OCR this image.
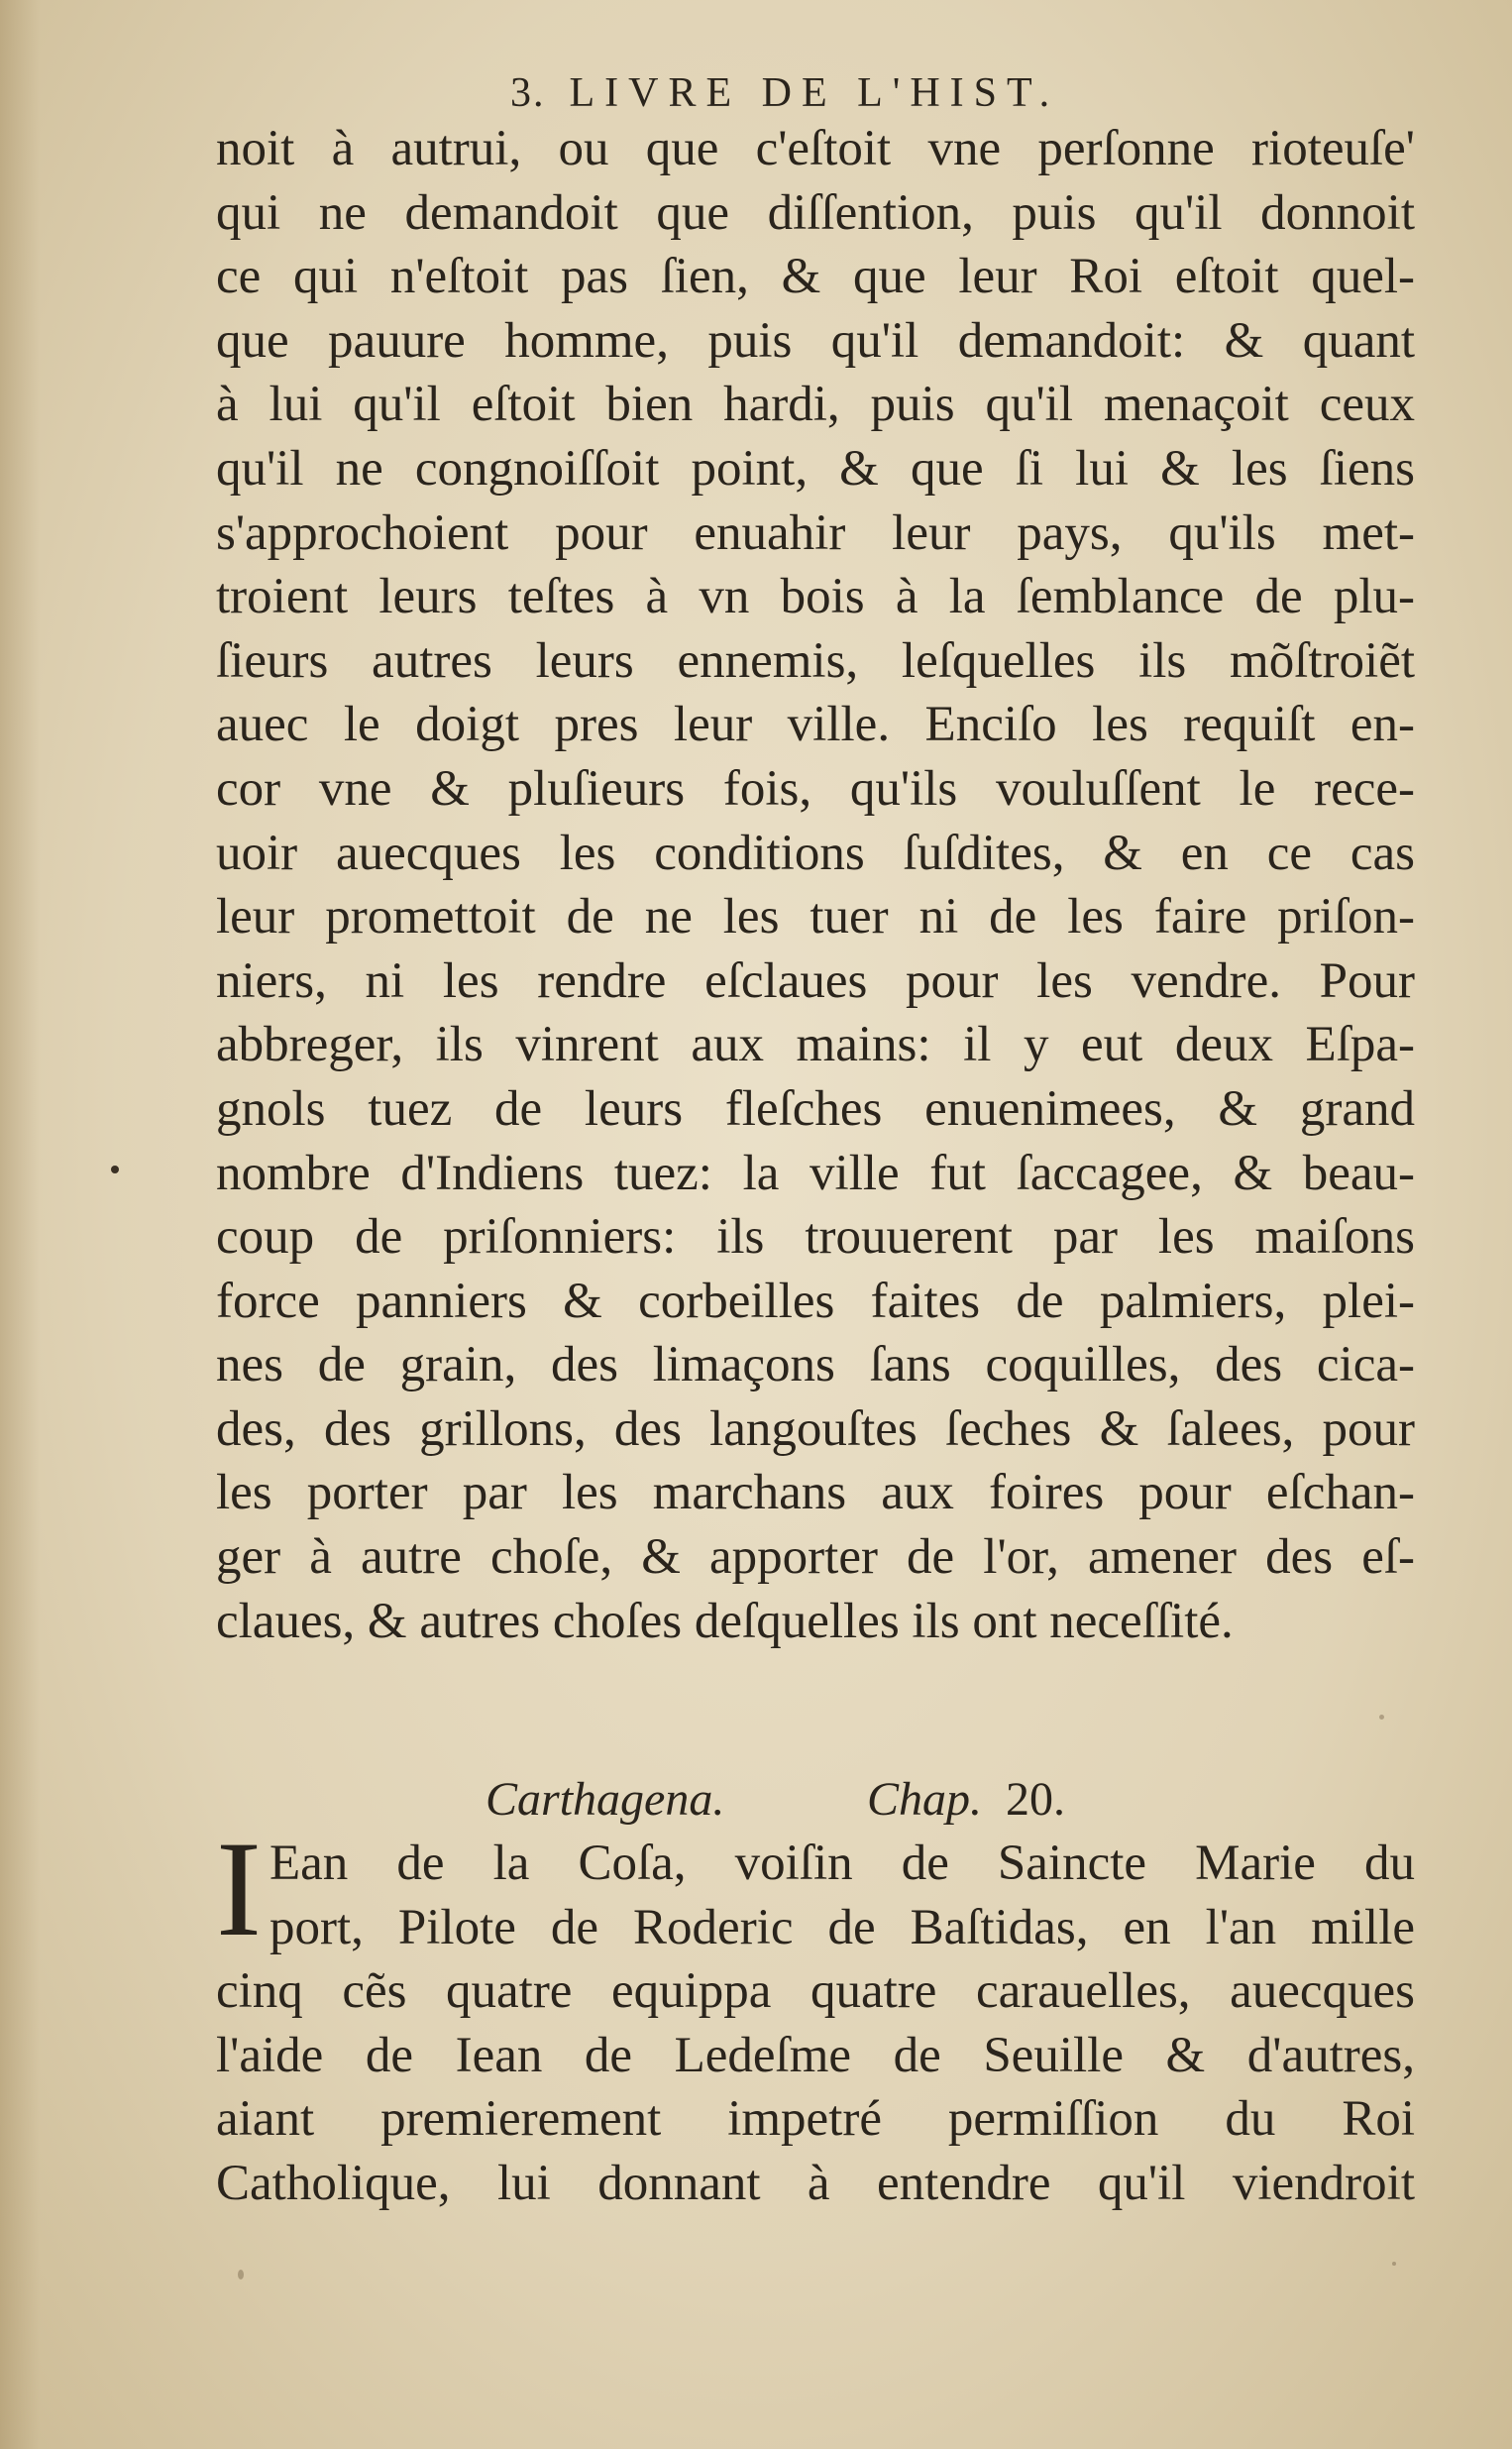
3. LIVRE DE L'HIST.
noit à autrui, ou que c'eſtoit vne perſonne rioteuſe'
qui ne demandoit que diſſention, puis qu'il donnoit
ce qui n'eſtoit pas ſien, & que leur Roi eſtoit quel-
que pauure homme, puis qu'il demandoit: & quant
à lui qu'il eſtoit bien hardi, puis qu'il menaçoit ceux
qu'il ne congnoiſſoit point, & que ſi lui & les ſiens
s'approchoient pour enuahir leur pays, qu'ils met-
troient leurs teſtes à vn bois à la ſemblance de plu-
ſieurs autres leurs ennemis, leſquelles ils mõſtroiẽt
auec le doigt pres leur ville. Enciſo les requiſt en-
cor vne & pluſieurs fois, qu'ils vouluſſent le rece-
uoir auecques les conditions ſuſdites, & en ce cas
leur promettoit de ne les tuer ni de les faire priſon-
niers, ni les rendre eſclaues pour les vendre. Pour
abbreger, ils vinrent aux mains: il y eut deux Eſpa-
gnols tuez de leurs fleſches enuenimees, & grand
nombre d'Indiens tuez: la ville fut ſaccagee, & beau-
coup de priſonniers: ils trouuerent par les maiſons
force panniers & corbeilles faites de palmiers, plei-
nes de grain, des limaçons ſans coquilles, des cica-
des, des grillons, des langouſtes ſeches & ſalees, pour
les porter par les marchans aux foires pour eſchan-
ger à autre choſe, & apporter de l'or, amener des eſ-
claues, & autres choſes deſquelles ils ont neceſſité.
Carthagena.	Chap. 20.
I Ean de la Coſa, voiſin de Saincte Marie du
port, Pilote de Roderic de Baſtidas, en l'an mille
cinq cẽs quatre equippa quatre carauelles, auecques
l'aide de Iean de Ledeſme de Seuille & d'autres,
aiant premierement impetré permiſſion du Roi
Catholique, lui donnant à entendre qu'il viendroit
